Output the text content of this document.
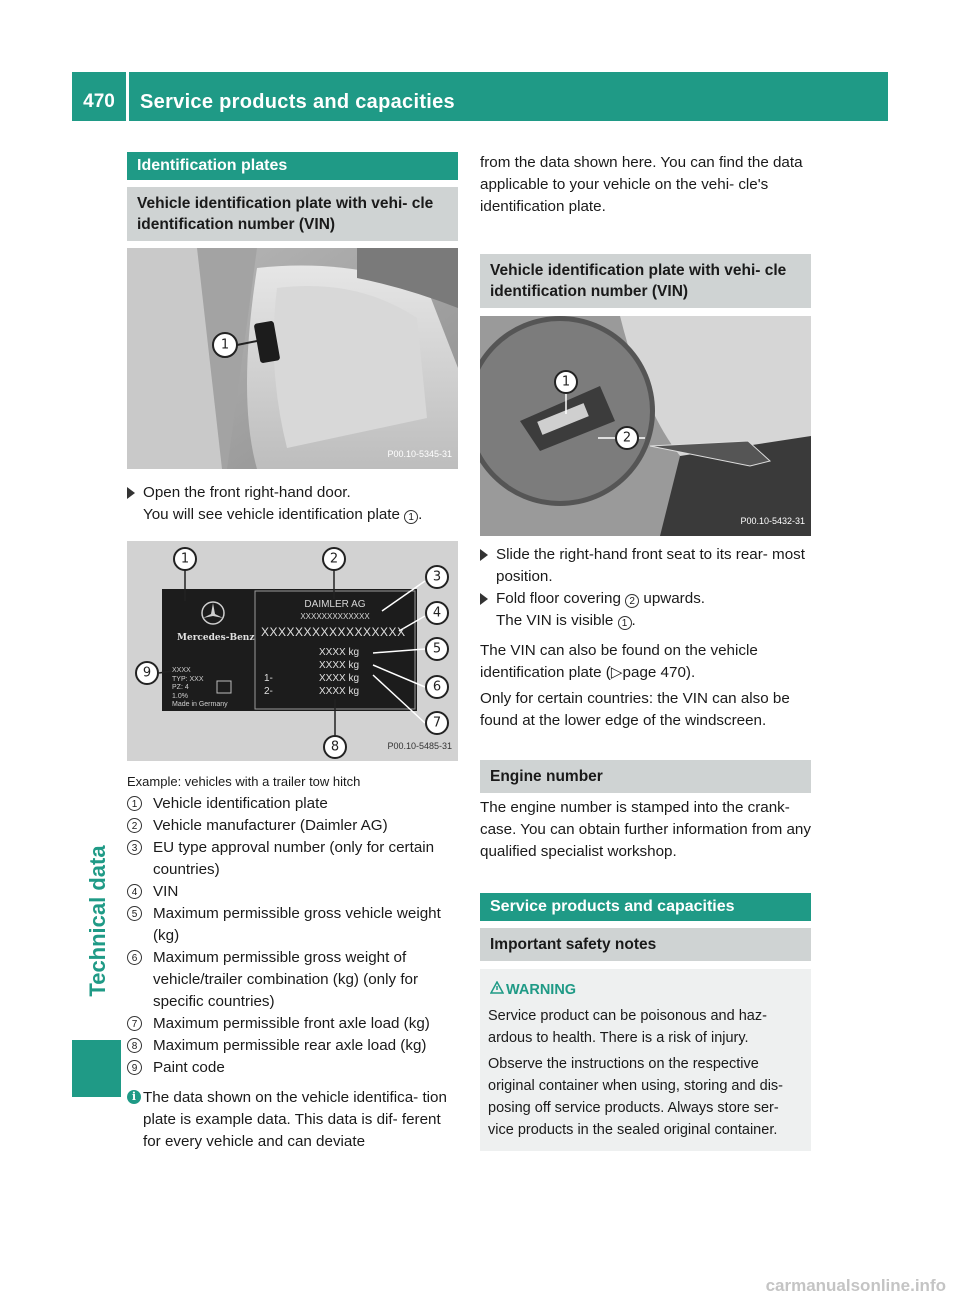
470	Service products and capacities
Technical data
Identification plates
Vehicle identification plate with vehi- cle identification number (VIN)
1
P00.10-5345-31
Open the front right-hand door.
You will see vehicle identification plate 1 .
1	2
3
4
5
6
7
8
9
DAIMLER AG
XXXXXXXXXXXXX
XXXXXXXXXXXXXXXXX
Mercedes-Benz
XXXX kg
XXXX kg
XXXX kg
XXXX kg
1-
2-
XXXX
TYP: XXX
PZ: 4
1.0%
Made in Germany
P00.10-5485-31
Example: vehicles with a trailer tow hitch
1	Vehicle identification plate
2	Vehicle manufacturer (Daimler AG)
3	EU type approval number (only for certain countries)
4	VIN
5	Maximum permissible gross vehicle weight (kg)
6	Maximum permissible gross weight of vehicle/trailer combination (kg) (only for specific countries)
7	Maximum permissible front axle load (kg)
8	Maximum permissible rear axle load (kg)
9	Paint code
i The data shown on the vehicle identifica- tion plate is example data. This data is dif- ferent for every vehicle and can deviate
from the data shown here. You can find the data applicable to your vehicle on the vehi- cle's identification plate.
Vehicle identification plate with vehi- cle identification number (VIN)
1
2
P00.10-5432-31
Slide the right-hand front seat to its rear- most position.
Fold floor covering 2 upwards.
The VIN is visible 1 .
The VIN can also be found on the vehicle identification plate (▷page 470).
Only for certain countries: the VIN can also be found at the lower edge of the windscreen.
Engine number
The engine number is stamped into the crank- case. You can obtain further information from any qualified specialist workshop.
Service products and capacities
Important safety notes
WARNING
Service product can be poisonous and haz- ardous to health. There is a risk of injury.
Observe the instructions on the respective original container when using, storing and dis- posing off service products. Always store ser- vice products in the sealed original container.
carmanualsonline.info
